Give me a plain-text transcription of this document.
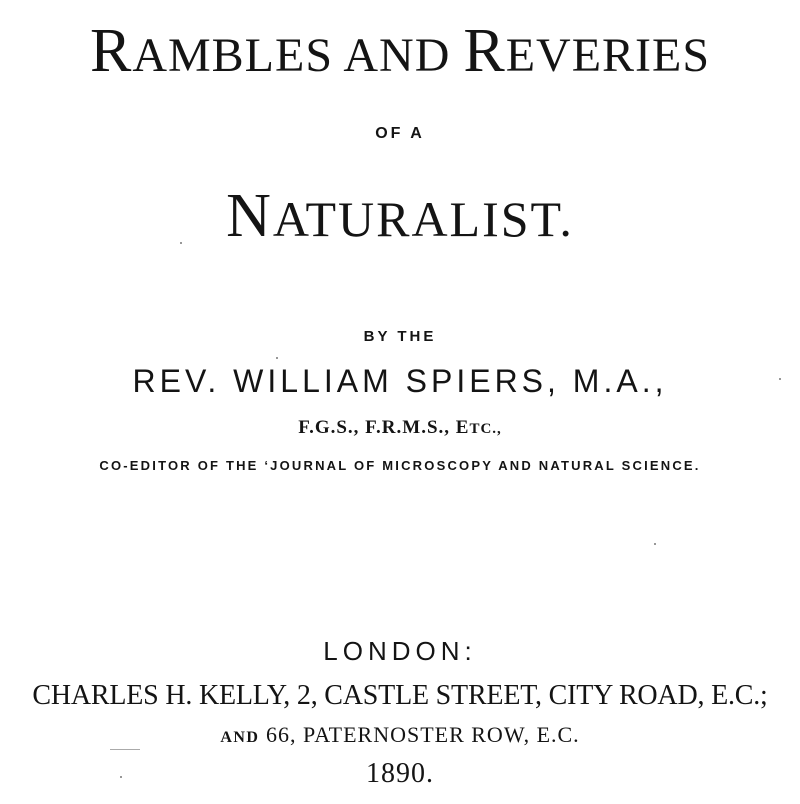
RAMBLES AND REVERIES
OF A
NATURALIST.
BY THE
REV. WILLIAM SPIERS, M.A.,
F.G.S., F.R.M.S., ETC.,
CO-EDITOR OF THE ‘JOURNAL OF MICROSCOPY AND NATURAL SCIENCE.
LONDON:
CHARLES H. KELLY, 2, CASTLE STREET, CITY ROAD, E.C.;
AND 66, PATERNOSTER ROW, E.C.
1890.
